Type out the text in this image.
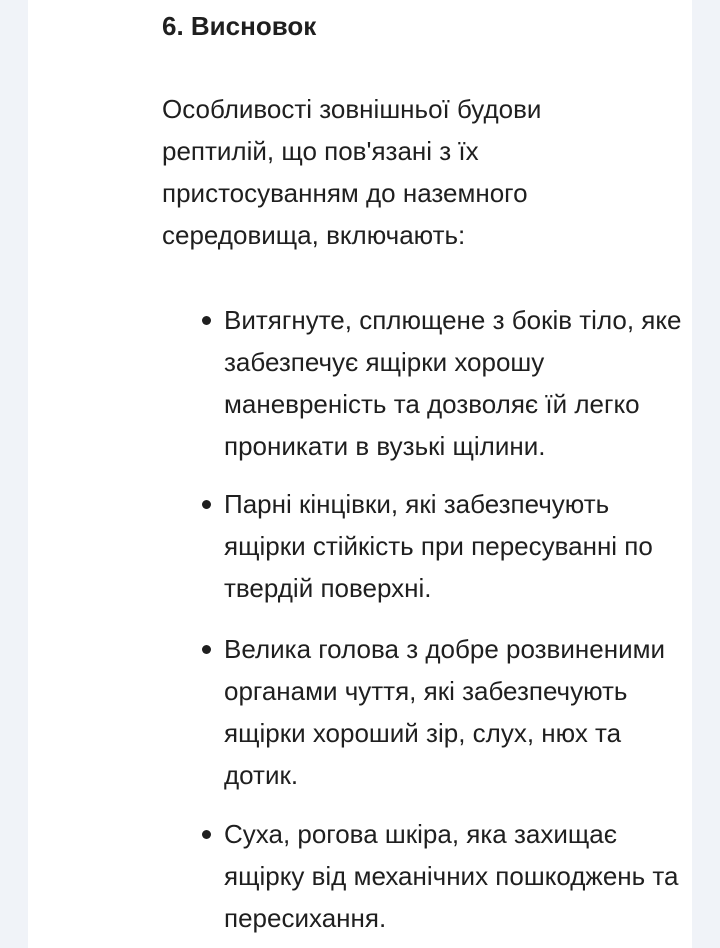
6. Висновок

Особливості зовнішньої будови рептилій, що пов'язані з їх пристосуванням до наземного середовища, включають:

Витягнуте, сплющене з боків тіло, яке забезпечує ящірки хорошу маневреність та дозволяє їй легко проникати в вузькі щілини.
Парні кінцівки, які забезпечують ящірки стійкість при пересуванні по твердій поверхні.
Велика голова з добре розвиненими органами чуття, які забезпечують ящірки хороший зір, слух, нюх та дотик.
Суха, рогова шкіра, яка захищає ящірку від механічних пошкоджень та пересихання.
